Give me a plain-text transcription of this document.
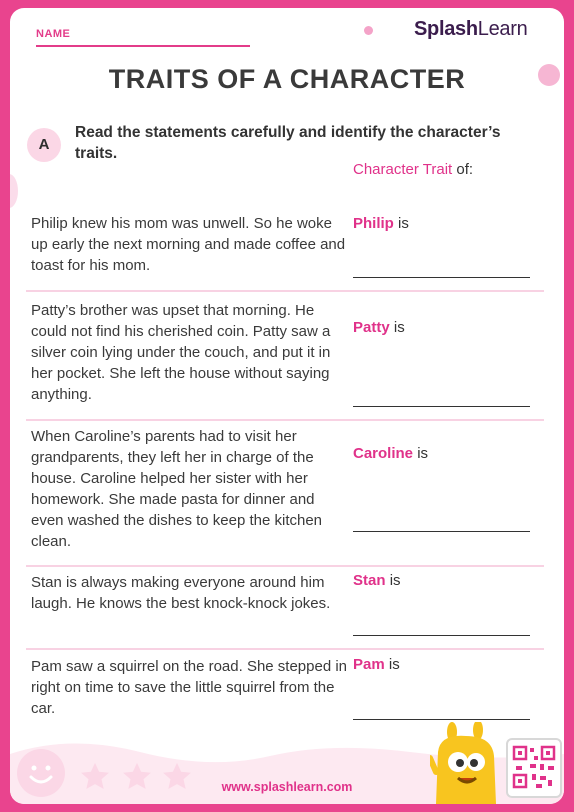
NAME	SplashLearn
TRAITS OF A CHARACTER
A
Read the statements carefully and identify the character’s traits.
Character Trait of:
Philip knew his mom was unwell. So he woke up early the next morning and made coffee and toast for his mom.
Philip is
Patty’s brother was upset that morning. He could not find his cherished coin. Patty saw a silver coin lying under the couch, and put it in her pocket. She left the house without saying anything.
Patty is
When Caroline’s parents had to visit her grandparents, they left her in charge of the house. Caroline helped her sister with her homework. She made pasta for dinner and even washed the dishes to keep the kitchen clean.
Caroline is
Stan is always making everyone around him laugh. He knows the best knock-knock jokes.
Stan is
Pam saw a squirrel on the road. She stepped in right on time to save the little squirrel from the car.
Pam is
www.splashlearn.com
